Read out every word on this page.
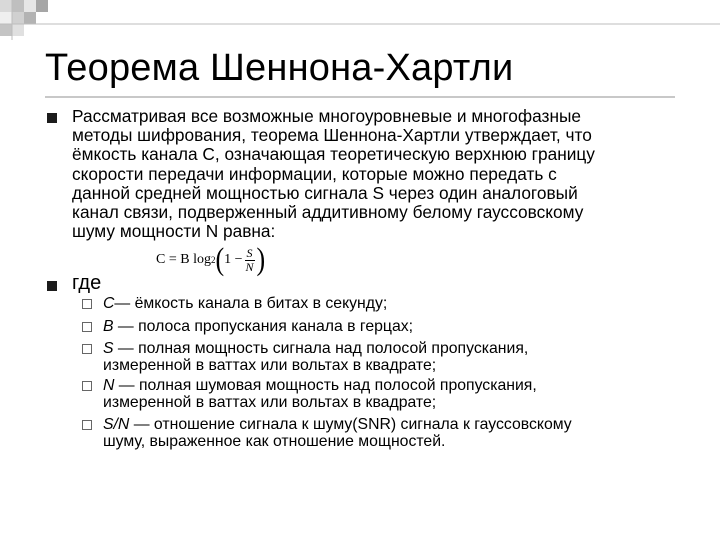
Теорема Шеннона-Хартли
Рассматривая все возможные многоуровневые и многофазные
методы шифрования, теорема Шеннона-Хартли утверждает, что
ёмкость канала C, означающая теоретическую верхнюю границу
скорости передачи информации, которые можно передать с
данной средней мощностью сигнала S через один аналоговый
канал связи, подверженный аддитивному белому гауссовскому
шуму мощности N равна:
C = B log 2 ( $1 - \frac{S}{N}$ )
где
C— ёмкость канала в битах в секунду;
B — полоса пропускания канала в герцах;
S — полная мощность сигнала над полосой пропускания,
измеренной в ваттах или вольтах в квадрате;
N — полная шумовая мощность над полосой пропускания,
измеренной в ваттах или вольтах в квадрате;
S/N — отношение сигнала к шуму(SNR) сигнала к гауссовскому
шуму, выраженное как отношение мощностей.
